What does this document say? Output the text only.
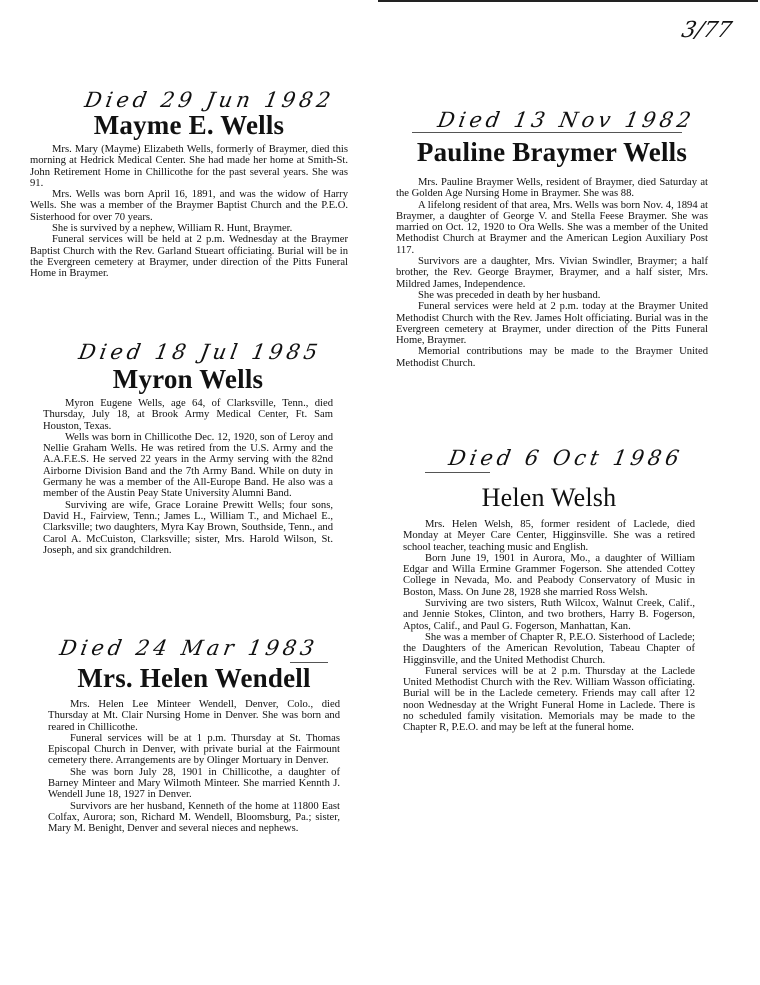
3/77
Died 29 Jun 1982
Mayme E. Wells

Mrs. Mary (Mayme) Elizabeth Wells, formerly of Braymer, died this morning at Hedrick Medical Center. She had made her home at Smith-St. John Retirement Home in Chillicothe for the past several years. She was 91.

Mrs. Wells was born April 16, 1891, and was the widow of Harry Wells. She was a member of the Braymer Baptist Church and the P.E.O. Sisterhood for over 70 years.

She is survived by a nephew, William R. Hunt, Braymer.

Funeral services will be held at 2 p.m. Wednesday at the Braymer Baptist Church with the Rev. Garland Stueart officiating. Burial will be in the Evergreen cemetery at Braymer, under direction of the Pitts Funeral Home in Braymer.

Died 13 Nov 1982
Pauline Braymer Wells

Mrs. Pauline Braymer Wells, resident of Braymer, died Saturday at the Golden Age Nursing Home in Braymer. She was 88.

A lifelong resident of that area, Mrs. Wells was born Nov. 4, 1894 at Braymer, a daughter of George V. and Stella Feese Braymer. She was married on Oct. 12, 1920 to Ora Wells. She was a member of the United Methodist Church at Braymer and the American Legion Auxiliary Post 117.

Survivors are a daughter, Mrs. Vivian Swindler, Braymer; a half brother, the Rev. George Braymer, Braymer, and a half sister, Mrs. Mildred James, Independence.

She was preceded in death by her husband.

Funeral services were held at 2 p.m. today at the Braymer United Methodist Church with the Rev. James Holt officiating. Burial was in the Evergreen cemetery at Braymer, under direction of the Pitts Funeral Home, Braymer.

Memorial contributions may be made to the Braymer United Methodist Church.

Died 18 Jul 1985
Myron Wells

Myron Eugene Wells, age 64, of Clarksville, Tenn., died Thursday, July 18, at Brook Army Medical Center, Ft. Sam Houston, Texas.

Wells was born in Chillicothe Dec. 12, 1920, son of Leroy and Nellie Graham Wells. He was retired from the U.S. Army and the A.A.F.E.S. He served 22 years in the Army serving with the 82nd Airborne Division Band and the 7th Army Band. While on duty in Germany he was a member of the All-Europe Band. He also was a member of the Austin Peay State University Alumni Band.

Surviving are wife, Grace Loraine Prewitt Wells; four sons, David H., Fairview, Tenn.; James L., William T., and Michael E., Clarksville; two daughters, Myra Kay Brown, Southside, Tenn., and Carol A. McCuiston, Clarksville; sister, Mrs. Harold Wilson, St. Joseph, and six grandchildren.

Died 6 Oct 1986
Helen Welsh

Mrs. Helen Welsh, 85, former resident of Laclede, died Monday at Meyer Care Center, Higginsville. She was a retired school teacher, teaching music and English.

Born June 19, 1901 in Aurora, Mo., a daughter of William Edgar and Willa Ermine Grammer Fogerson. She attended Cottey College in Nevada, Mo. and Peabody Conservatory of Music in Boston, Mass. On June 28, 1928 she married Ross Welsh.

Surviving are two sisters, Ruth Wilcox, Walnut Creek, Calif., and Jennie Stokes, Clinton, and two brothers, Harry B. Fogerson, Aptos, Calif., and Paul G. Fogerson, Manhattan, Kan.

She was a member of Chapter R, P.E.O. Sisterhood of Laclede; the Daughters of the American Revolution, Tabeau Chapter of Higginsville, and the United Methodist Church.

Funeral services will be at 2 p.m. Thursday at the Laclede United Methodist Church with the Rev. William Wasson officiating. Burial will be in the Laclede cemetery. Friends may call after 12 noon Wednesday at the Wright Funeral Home in Laclede. There is no scheduled family visitation. Memorials may be made to the Chapter R, P.E.O. and may be left at the funeral home.

Died 24 Mar 1983
Mrs. Helen Wendell

Mrs. Helen Lee Minteer Wendell, Denver, Colo., died Thursday at Mt. Clair Nursing Home in Denver. She was born and reared in Chillicothe.

Funeral services will be at 1 p.m. Thursday at St. Thomas Episcopal Church in Denver, with private burial at the Fairmount cemetery there. Arrangements are by Olinger Mortuary in Denver.

She was born July 28, 1901 in Chillicothe, a daughter of Barney Minteer and Mary Wilmoth Minteer. She married Kennth J. Wendell June 18, 1927 in Denver.

Survivors are her husband, Kenneth of the home at 11800 East Colfax, Aurora; son, Richard M. Wendell, Bloomsburg, Pa.; sister, Mary M. Benight, Denver and several nieces and nephews.
